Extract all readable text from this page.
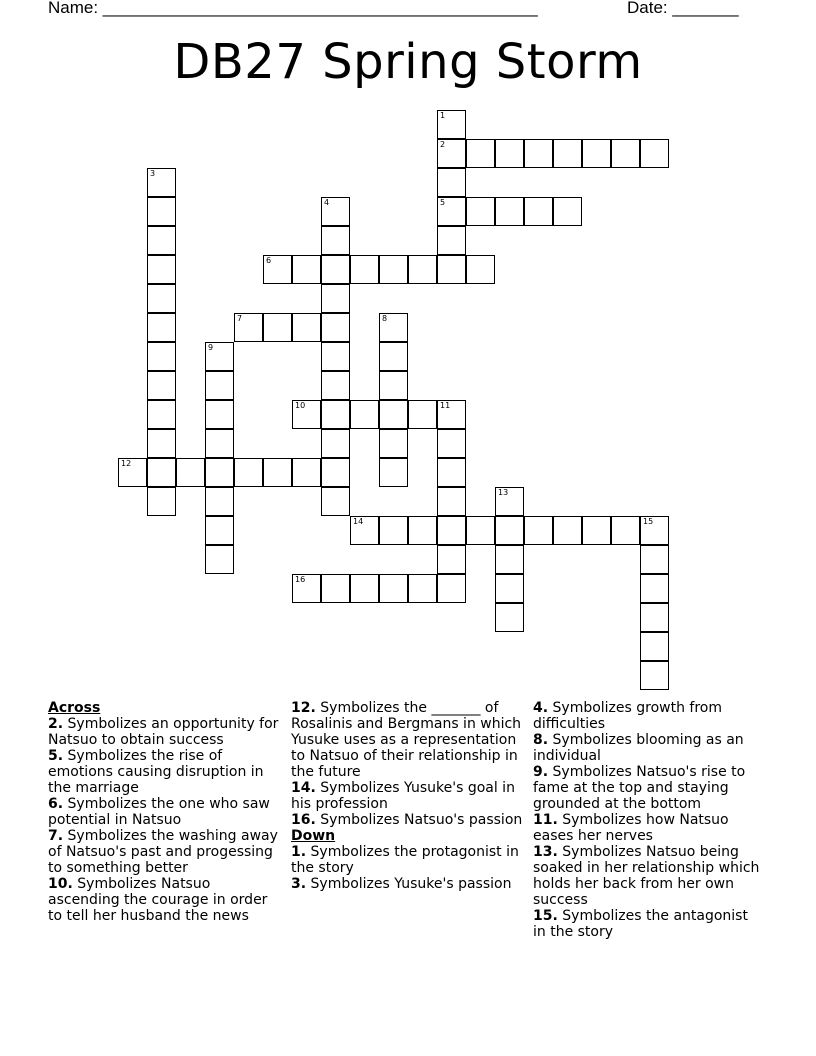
Name: ______________________________________________	Date: _______
DB27 Spring Storm
1
2
5
3
4
6
7	8
9
10	11
12
13
14	15
16
Across
2. Symbolizes an opportunity for Natsuo to obtain success
5. Symbolizes the rise of emotions causing disruption in the marriage
6. Symbolizes the one who saw potential in Natsuo
7. Symbolizes the washing away of Natsuo's past and progessing to something better
10. Symbolizes Natsuo ascending the courage in order to tell her husband the news
12. Symbolizes the _______ of Rosalinis and Bergmans in which Yusuke uses as a representation to Natsuo of their relationship in the future
14. Symbolizes Yusuke's goal in his profession
16. Symbolizes Natsuo's passion
Down
1. Symbolizes the protagonist in the story
3. Symbolizes Yusuke's passion
4. Symbolizes growth from difficulties
8. Symbolizes blooming as an individual
9. Symbolizes Natsuo's rise to fame at the top and staying grounded at the bottom
11. Symbolizes how Natsuo eases her nerves
13. Symbolizes Natsuo being soaked in her relationship which holds her back from her own success
15. Symbolizes the antagonist in the story
